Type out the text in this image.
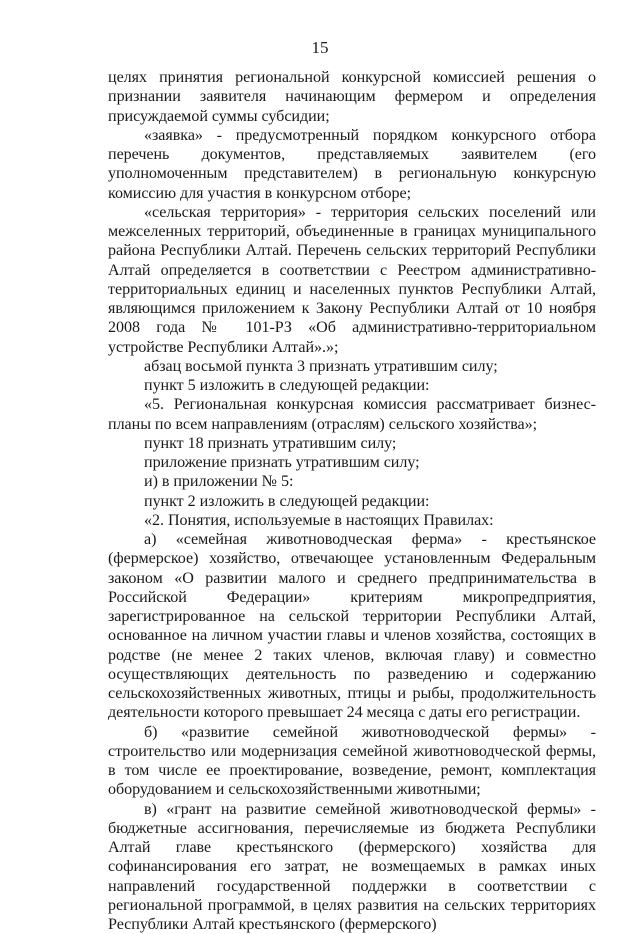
15

целях принятия региональной конкурсной комиссией решения о признании заявителя начинающим фермером и определения присуждаемой суммы субсидии;

«заявка» - предусмотренный порядком конкурсного отбора перечень документов, представляемых заявителем (его уполномоченным представителем) в региональную конкурсную комиссию для участия в конкурсном отборе;

«сельская территория» - территория сельских поселений или межселенных территорий, объединенные в границах муниципального района Республики Алтай. Перечень сельских территорий Республики Алтай определяется в соответствии с Реестром административно-территориальных единиц и населенных пунктов Республики Алтай, являющимся приложением к Закону Республики Алтай от 10 ноября 2008 года № 101-РЗ «Об административно-территориальном устройстве Республики Алтай».»;

абзац восьмой пункта 3 признать утратившим силу;

пункт 5 изложить в следующей редакции:

«5. Региональная конкурсная комиссия рассматривает бизнес-планы по всем направлениям (отраслям) сельского хозяйства»;

пункт 18 признать утратившим силу;

приложение признать утратившим силу;

и) в приложении № 5:

пункт 2 изложить в следующей редакции:

«2. Понятия, используемые в настоящих Правилах:

а) «семейная животноводческая ферма» - крестьянское (фермерское) хозяйство, отвечающее установленным Федеральным законом «О развитии малого и среднего предпринимательства в Российской Федерации» критериям микропредприятия, зарегистрированное на сельской территории Республики Алтай, основанное на личном участии главы и членов хозяйства, состоящих в родстве (не менее 2 таких членов, включая главу) и совместно осуществляющих деятельность по разведению и содержанию сельскохозяйственных животных, птицы и рыбы, продолжительность деятельности которого превышает 24 месяца с даты его регистрации.

б) «развитие семейной животноводческой фермы» - строительство или модернизация семейной животноводческой фермы, в том числе ее проектирование, возведение, ремонт, комплектация оборудованием и сельскохозяйственными животными;

в) «грант на развитие семейной животноводческой фермы» - бюджетные ассигнования, перечисляемые из бюджета Республики Алтай главе крестьянского (фермерского) хозяйства для софинансирования его затрат, не возмещаемых в рамках иных направлений государственной поддержки в соответствии с региональной программой, в целях развития на сельских территориях Республики Алтай крестьянского (фермерского)
